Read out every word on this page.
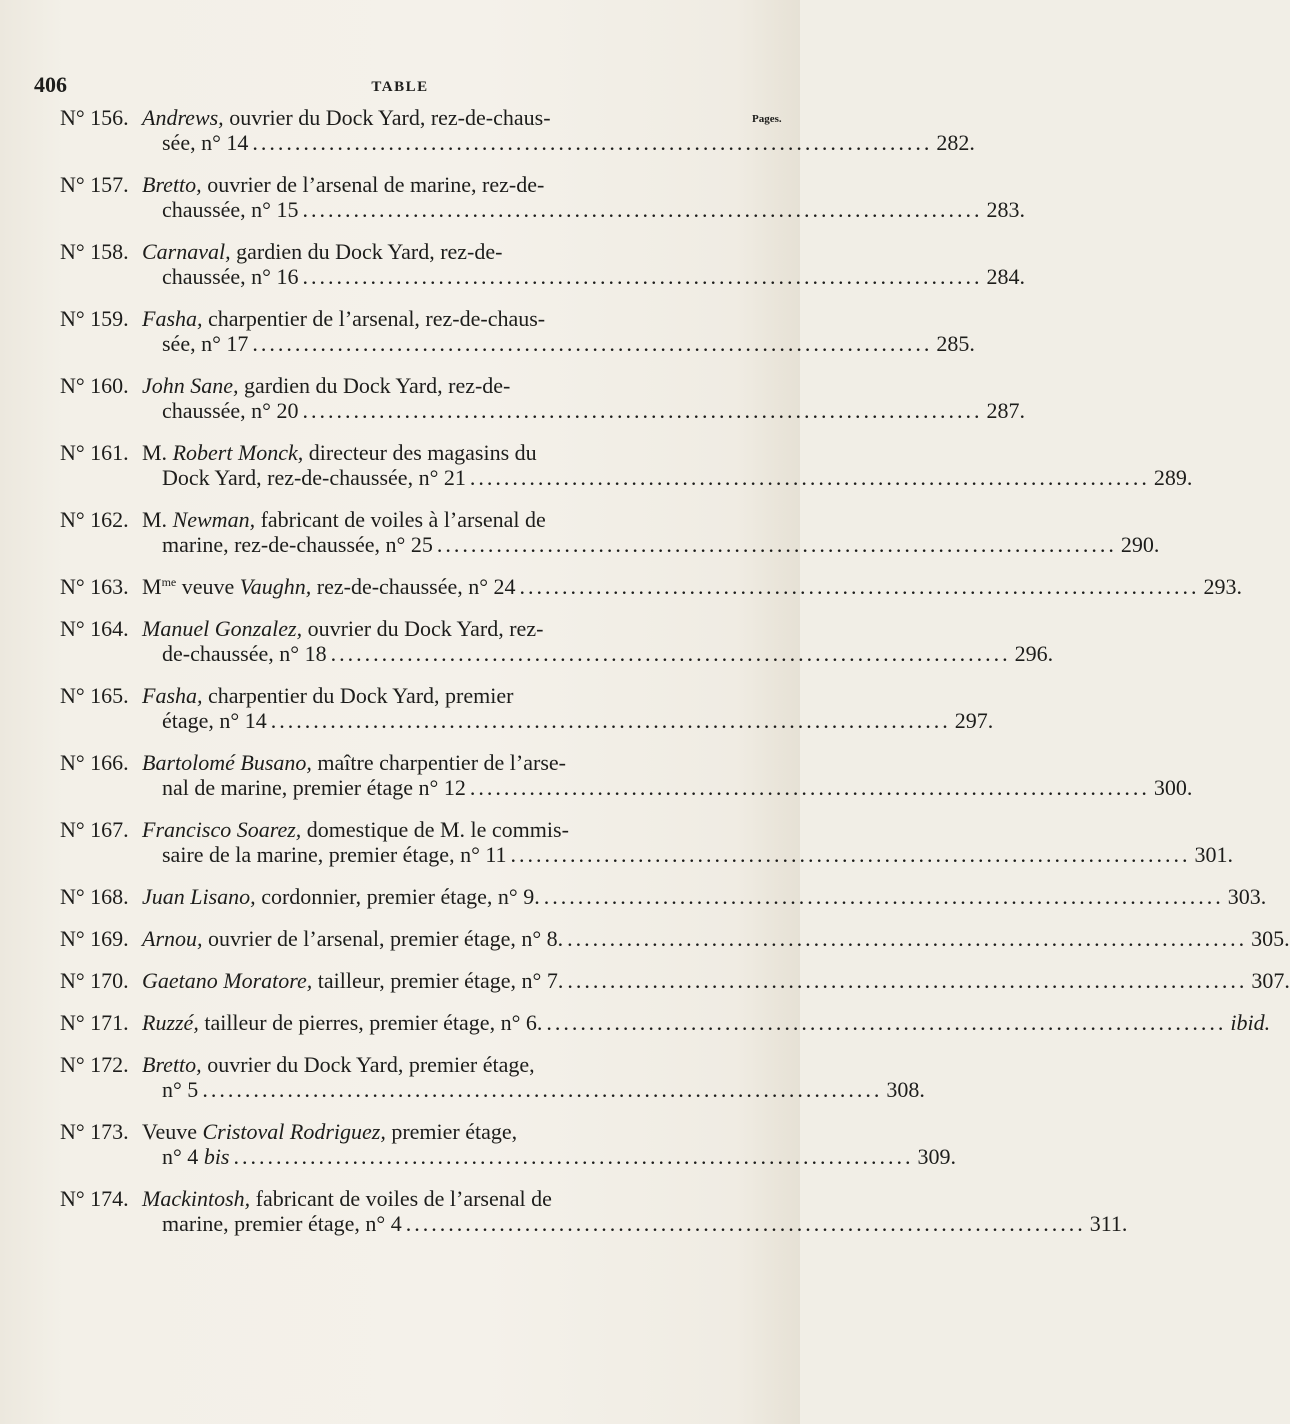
406	TABLE
Pages.
N° 156. Andrews, ouvrier du Dock Yard, rez-de-chaus-
sée, n° 14 ................................................................................ 282.
N° 157. Bretto, ouvrier de l’arsenal de marine, rez-de-
chaussée, n° 15 ................................................................................ 283.
N° 158. Carnaval, gardien du Dock Yard, rez-de-
chaussée, n° 16 ................................................................................ 284.
N° 159. Fasha, charpentier de l’arsenal, rez-de-chaus-
sée, n° 17 ................................................................................ 285.
N° 160. John Sane, gardien du Dock Yard, rez-de-
chaussée, n° 20 ................................................................................ 287.
N° 161. M. Robert Monck, directeur des magasins du
Dock Yard, rez-de-chaussée, n° 21 ................................................................................ 289.
N° 162. M. Newman, fabricant de voiles à l’arsenal de
marine, rez-de-chaussée, n° 25 ................................................................................ 290.
N° 163. $M^{me}$ veuve Vaughn, rez-de-chaussée, n° 24 ................................................................................ 293.
N° 164. Manuel Gonzalez, ouvrier du Dock Yard, rez-
de-chaussée, n° 18 ................................................................................ 296.
N° 165. Fasha, charpentier du Dock Yard, premier
étage, n° 14 ................................................................................ 297.
N° 166. Bartolomé Busano, maître charpentier de l’arse-
nal de marine, premier étage n° 12 ................................................................................ 300.
N° 167. Francisco Soarez, domestique de M. le commis-
saire de la marine, premier étage, n° 11 ................................................................................ 301.
N° 168. Juan Lisano, cordonnier, premier étage, n° 9. ................................................................................ 303.
N° 169. Arnou, ouvrier de l’arsenal, premier étage, n° 8. ................................................................................ 305.
N° 170. Gaetano Moratore, tailleur, premier étage, n° 7. ................................................................................ 307.
N° 171. Ruzzé, tailleur de pierres, premier étage, n° 6. ................................................................................ ibid.
N° 172. Bretto, ouvrier du Dock Yard, premier étage,
n° 5 ................................................................................ 308.
N° 173. Veuve Cristoval Rodriguez, premier étage,
n° 4 bis ................................................................................ 309.
N° 174. Mackintosh, fabricant de voiles de l’arsenal de
marine, premier étage, n° 4 ................................................................................ 311.
